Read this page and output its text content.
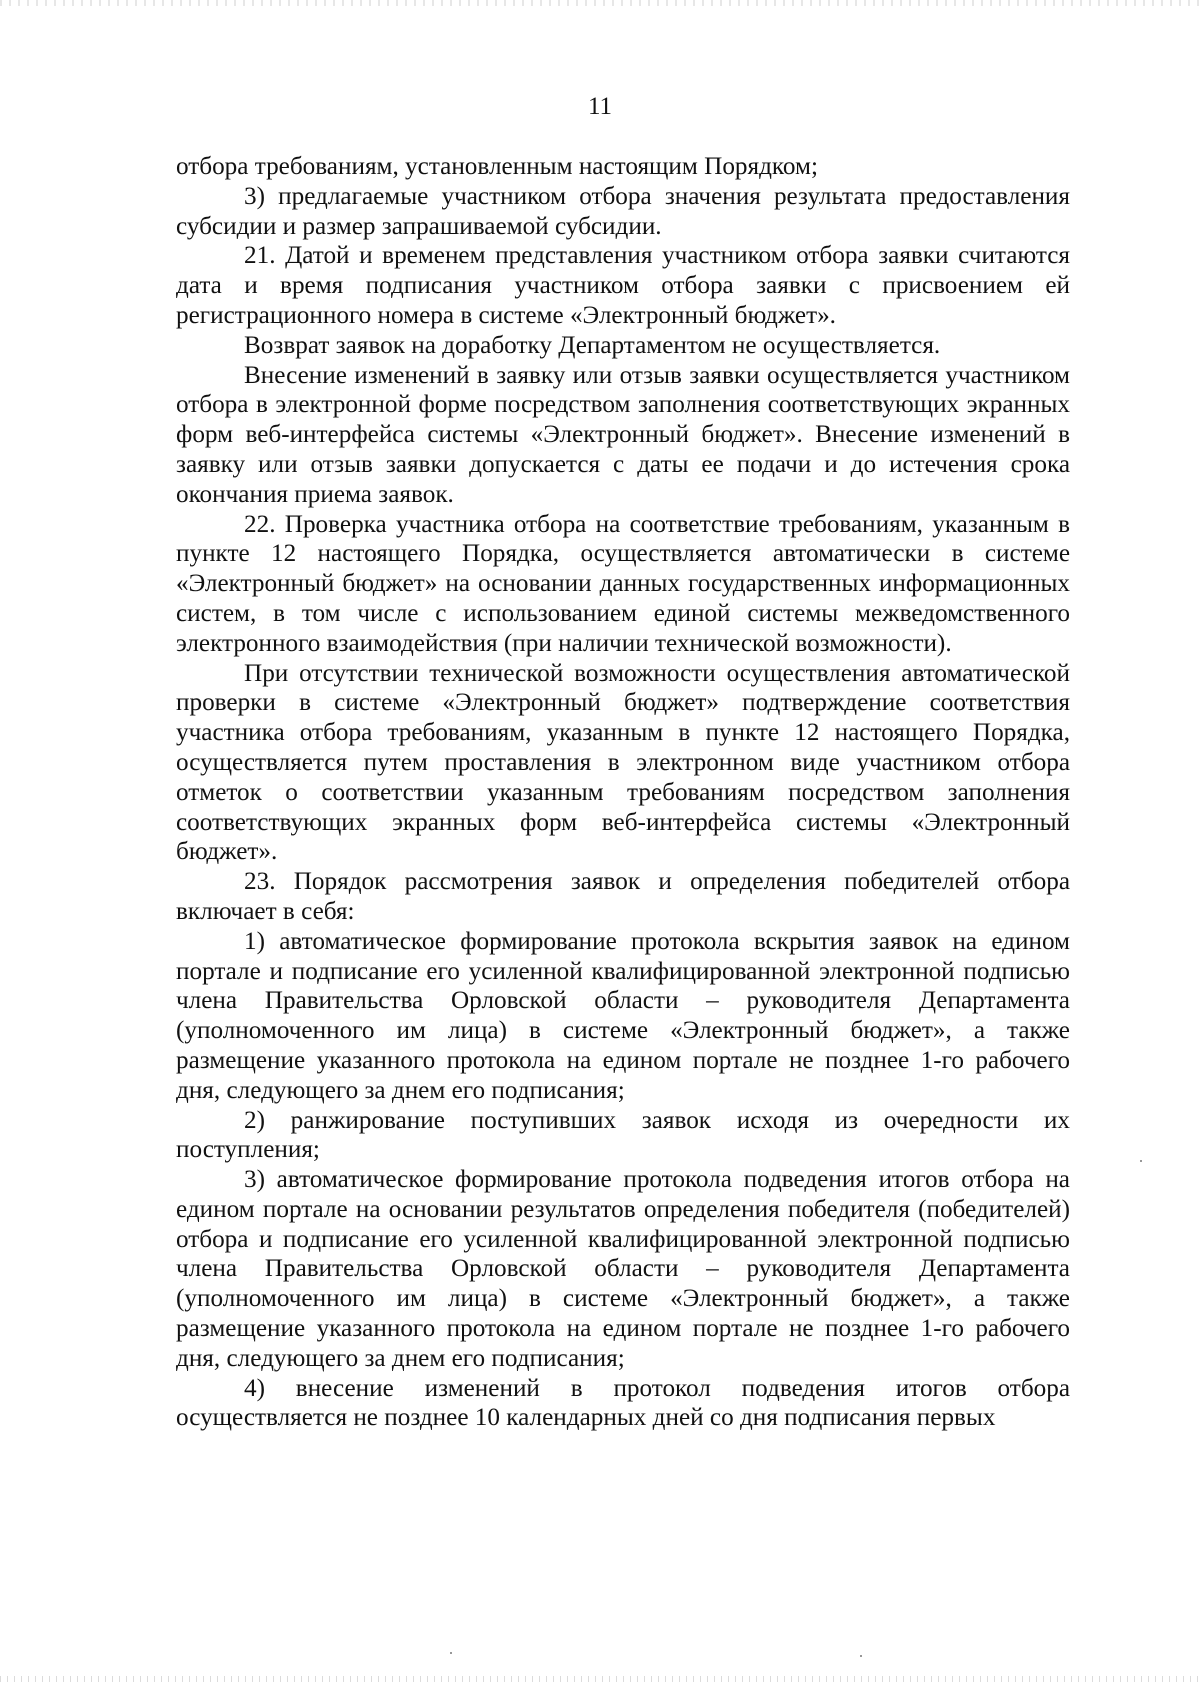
11

отбора требованиям, установленным настоящим Порядком;

3) предлагаемые участником отбора значения результата предоставления субсидии и размер запрашиваемой субсидии.

21. Датой и временем представления участником отбора заявки считаются дата и время подписания участником отбора заявки с присвоением ей регистрационного номера в системе «Электронный бюджет».

Возврат заявок на доработку Департаментом не осуществляется.

Внесение изменений в заявку или отзыв заявки осуществляется участником отбора в электронной форме посредством заполнения соответствующих экранных форм веб-интерфейса системы «Электронный бюджет». Внесение изменений в заявку или отзыв заявки допускается с даты ее подачи и до истечения срока окончания приема заявок.

22. Проверка участника отбора на соответствие требованиям, указанным в пункте 12 настоящего Порядка, осуществляется автоматически в системе «Электронный бюджет» на основании данных государственных информационных систем, в том числе с использованием единой системы межведомственного электронного взаимодействия (при наличии технической возможности).

При отсутствии технической возможности осуществления автоматической проверки в системе «Электронный бюджет» подтверждение соответствия участника отбора требованиям, указанным в пункте 12 настоящего Порядка, осуществляется путем проставления в электронном виде участником отбора отметок о соответствии указанным требованиям посредством заполнения соответствующих экранных форм веб-интерфейса системы «Электронный бюджет».

23. Порядок рассмотрения заявок и определения победителей отбора включает в себя:

1) автоматическое формирование протокола вскрытия заявок на едином портале и подписание его усиленной квалифицированной электронной подписью члена Правительства Орловской области – руководителя Департамента (уполномоченного им лица) в системе «Электронный бюджет», а также размещение указанного протокола на едином портале не позднее 1-го рабочего дня, следующего за днем его подписания;

2) ранжирование поступивших заявок исходя из очередности их поступления;

3) автоматическое формирование протокола подведения итогов отбора на едином портале на основании результатов определения победителя (победителей) отбора и подписание его усиленной квалифицированной электронной подписью члена Правительства Орловской области – руководителя Департамента (уполномоченного им лица) в системе «Электронный бюджет», а также размещение указанного протокола на едином портале не позднее 1-го рабочего дня, следующего за днем его подписания;

4) внесение изменений в протокол подведения итогов отбора осуществляется не позднее 10 календарных дней со дня подписания первых
